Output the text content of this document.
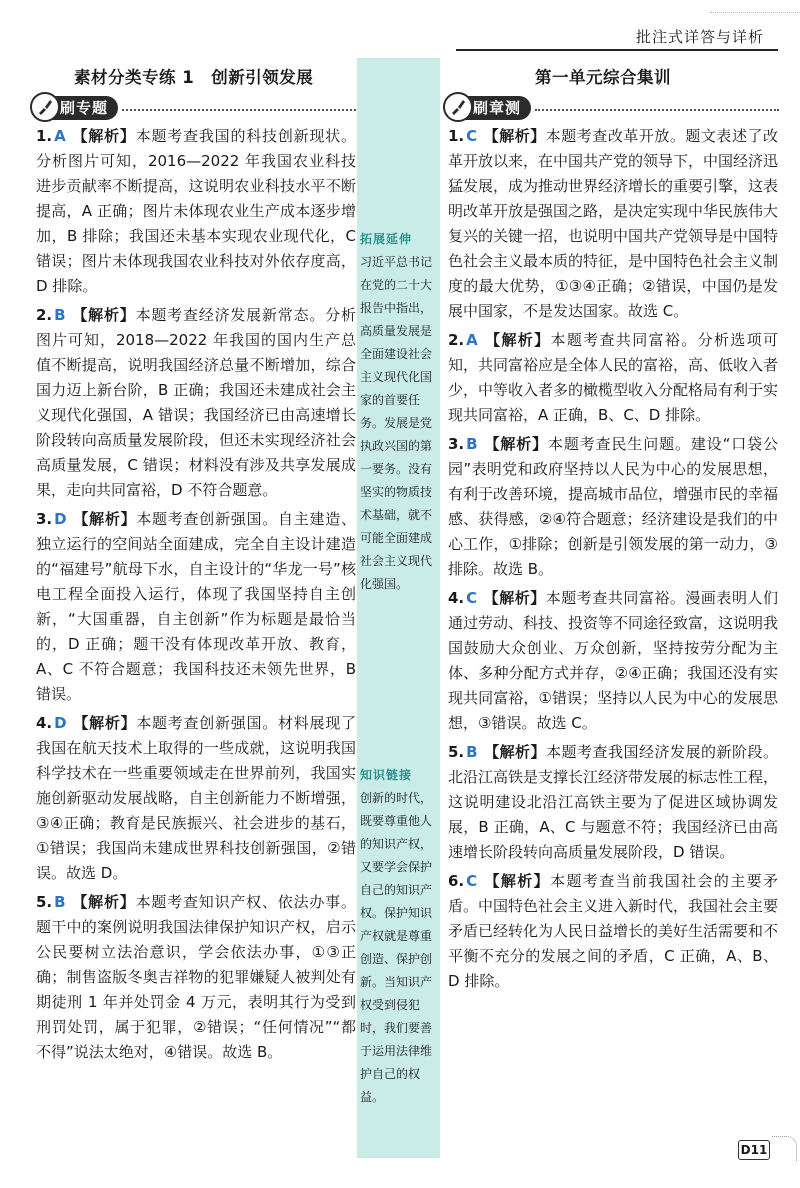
批注式详答与详析
素材分类专练 1　创新引领发展	第一单元综合集训
刷专题	刷章测
拓展延伸
习近平总书记在党的二十大报告中指出，高质量发展是全面建设社会主义现代化国家的首要任务。发展是党执政兴国的第一要务。没有坚实的物质技术基础，就不可能全面建成社会主义现代化强国。
知识链接
创新的时代，既要尊重他人的知识产权，又要学会保护自己的知识产权。保护知识产权就是尊重创造、保护创新。当知识产权受到侵犯时，我们要善于运用法律维护自己的权益。
1. A 【解析】本题考查我国的科技创新现状。分析图片可知，2016—2022 年我国农业科技进步贡献率不断提高，这说明农业科技水平不断提高，A 正确；图片未体现农业生产成本逐步增加，B 排除；我国还未基本实现农业现代化，C 错误；图片未体现我国农业科技对外依存度高，D 排除。
2. B 【解析】本题考查经济发展新常态。分析图片可知，2018—2022 年我国的国内生产总值不断提高，说明我国经济总量不断增加，综合国力迈上新台阶，B 正确；我国还未建成社会主义现代化强国，A 错误；我国经济已由高速增长阶段转向高质量发展阶段，但还未实现经济社会高质量发展，C 错误；材料没有涉及共享发展成果，走向共同富裕，D 不符合题意。
3. D 【解析】本题考查创新强国。自主建造、独立运行的空间站全面建成，完全自主设计建造的“福建号”航母下水，自主设计的“华龙一号”核电工程全面投入运行，体现了我国坚持自主创新，“大国重器，自主创新”作为标题是最恰当的，D 正确；题干没有体现改革开放、教育，A、C 不符合题意；我国科技还未领先世界，B 错误。
4. D 【解析】本题考查创新强国。材料展现了我国在航天技术上取得的一些成就，这说明我国科学技术在一些重要领域走在世界前列，我国实施创新驱动发展战略，自主创新能力不断增强，③④正确；教育是民族振兴、社会进步的基石，①错误；我国尚未建成世界科技创新强国，②错误。故选 D。
5. B 【解析】本题考查知识产权、依法办事。题干中的案例说明我国法律保护知识产权，启示公民要树立法治意识，学会依法办事，①③正确；制售盗版冬奥吉祥物的犯罪嫌疑人被判处有期徒刑 1 年并处罚金 4 万元，表明其行为受到刑罚处罚，属于犯罪，②错误；“任何情况”“都不得”说法太绝对，④错误。故选 B。
1. C 【解析】本题考查改革开放。题文表述了改革开放以来，在中国共产党的领导下，中国经济迅猛发展，成为推动世界经济增长的重要引擎，这表明改革开放是强国之路，是决定实现中华民族伟大复兴的关键一招，也说明中国共产党领导是中国特色社会主义最本质的特征，是中国特色社会主义制度的最大优势，①③④正确；②错误，中国仍是发展中国家，不是发达国家。故选 C。
2. A 【解析】本题考查共同富裕。分析选项可知，共同富裕应是全体人民的富裕，高、低收入者少，中等收入者多的橄榄型收入分配格局有利于实现共同富裕，A 正确，B、C、D 排除。
3. B 【解析】本题考查民生问题。建设“口袋公园”表明党和政府坚持以人民为中心的发展思想，有利于改善环境，提高城市品位，增强市民的幸福感、获得感，②④符合题意；经济建设是我们的中心工作，①排除；创新是引领发展的第一动力，③排除。故选 B。
4. C 【解析】本题考查共同富裕。漫画表明人们通过劳动、科技、投资等不同途径致富，这说明我国鼓励大众创业、万众创新，坚持按劳分配为主体、多种分配方式并存，②④正确；我国还没有实现共同富裕，①错误；坚持以人民为中心的发展思想，③错误。故选 C。
5. B 【解析】本题考查我国经济发展的新阶段。北沿江高铁是支撑长江经济带发展的标志性工程，这说明建设北沿江高铁主要为了促进区域协调发展，B 正确，A、C 与题意不符；我国经济已由高速增长阶段转向高质量发展阶段，D 错误。
6. C 【解析】本题考查当前我国社会的主要矛盾。中国特色社会主义进入新时代，我国社会主要矛盾已经转化为人民日益增长的美好生活需要和不平衡不充分的发展之间的矛盾，C 正确，A、B、D 排除。
D11
